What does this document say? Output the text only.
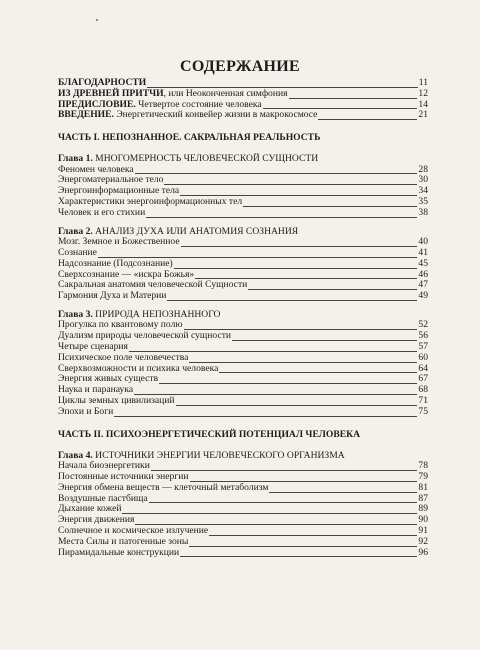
СОДЕРЖАНИЕ
БЛАГОДАРНОСТИ	11
ИЗ ДРЕВНЕЙ ПРИТЧИ, или Неоконченная симфония	12
ПРЕДИСЛОВИЕ. Четвертое состояние человека	14
ВВЕДЕНИЕ. Энергетический конвейер жизни в макрокосмосе	21
ЧАСТЬ I. НЕПОЗНАННОЕ. САКРАЛЬНАЯ РЕАЛЬНОСТЬ
Глава 1. МНОГОМЕРНОСТЬ ЧЕЛОВЕЧЕСКОЙ СУЩНОСТИ
Феномен человека	28
Энергоматериальное тело	30
Энергоинформационные тела	34
Характеристики энергоинформационных тел	35
Человек и его стихии	38
Глава 2. АНАЛИЗ ДУХА ИЛИ АНАТОМИЯ СОЗНАНИЯ
Мозг. Земное и Божественное	40
Сознание	41
Надсознание (Подсознание)	45
Сверхсознание — «искра Божья»	46
Сакральная анатомия человеческой Сущности	47
Гармония Духа и Материи	49
Глава 3. ПРИРОДА НЕПОЗНАННОГО
Прогулка по квантовому полю	52
Дуализм природы человеческой сущности	56
Четыре сценария	57
Психическое поле человечества	60
Сверхвозможности и психика человека	64
Энергия живых существ	67
Наука и паранаука	68
Циклы земных цивилизаций	71
Эпохи и Боги	75
ЧАСТЬ II. ПСИХОЭНЕРГЕТИЧЕСКИЙ ПОТЕНЦИАЛ ЧЕЛОВЕКА
Глава 4. ИСТОЧНИКИ ЭНЕРГИИ ЧЕЛОВЕЧЕСКОГО ОРГАНИЗМА
Начала биоэнергетики	78
Постоянные источники энергии	79
Энергия обмена веществ — клеточный метаболизм	81
Воздушные пастбища	87
Дыхание кожей	89
Энергия движения	90
Солнечное и космическое излучение	91
Места Силы и патогенные зоны	92
Пирамидальные конструкции	96
